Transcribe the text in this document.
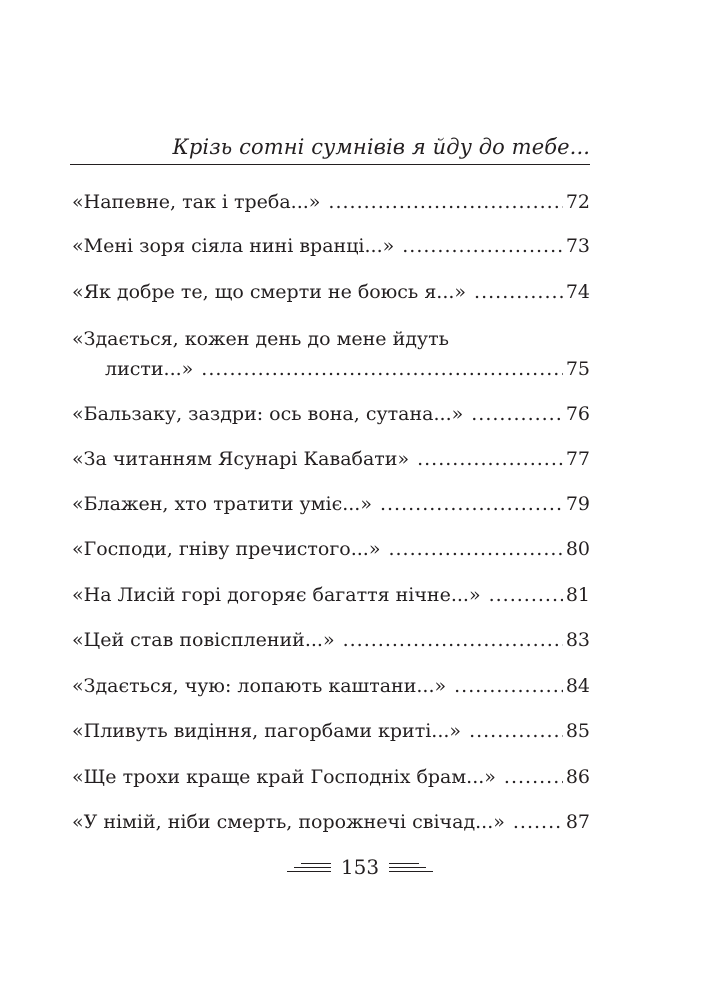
Крізь сотні сумнівів я йду до тебе...
«Напевне, так і треба...» .....	72
«Мені зоря сіяла нині вранці...» .....	73
«Як добре те, що смерти не боюсь я...» .....	74
«Здається, кожен день до мене йдуть
листи...» .....	75
«Бальзаку, заздри: ось вона, сутана...» .....	76
«За читанням Ясунарі Кавабати» .....	77
«Блажен, хто тратити уміє...» .....	79
«Господи, гніву пречистого...» .....	80
«На Лисій горі догоряє багаття нічне...» .....	81
«Цей став повісплений...» .....	83
«Здається, чую: лопають каштани...» .....	84
«Пливуть видіння, пагорбами криті...» .....	85
«Ще трохи краще край Господніх брам...» .....	86
«У німій, ніби смерть, порожнечі свічад...» .....	87
153
